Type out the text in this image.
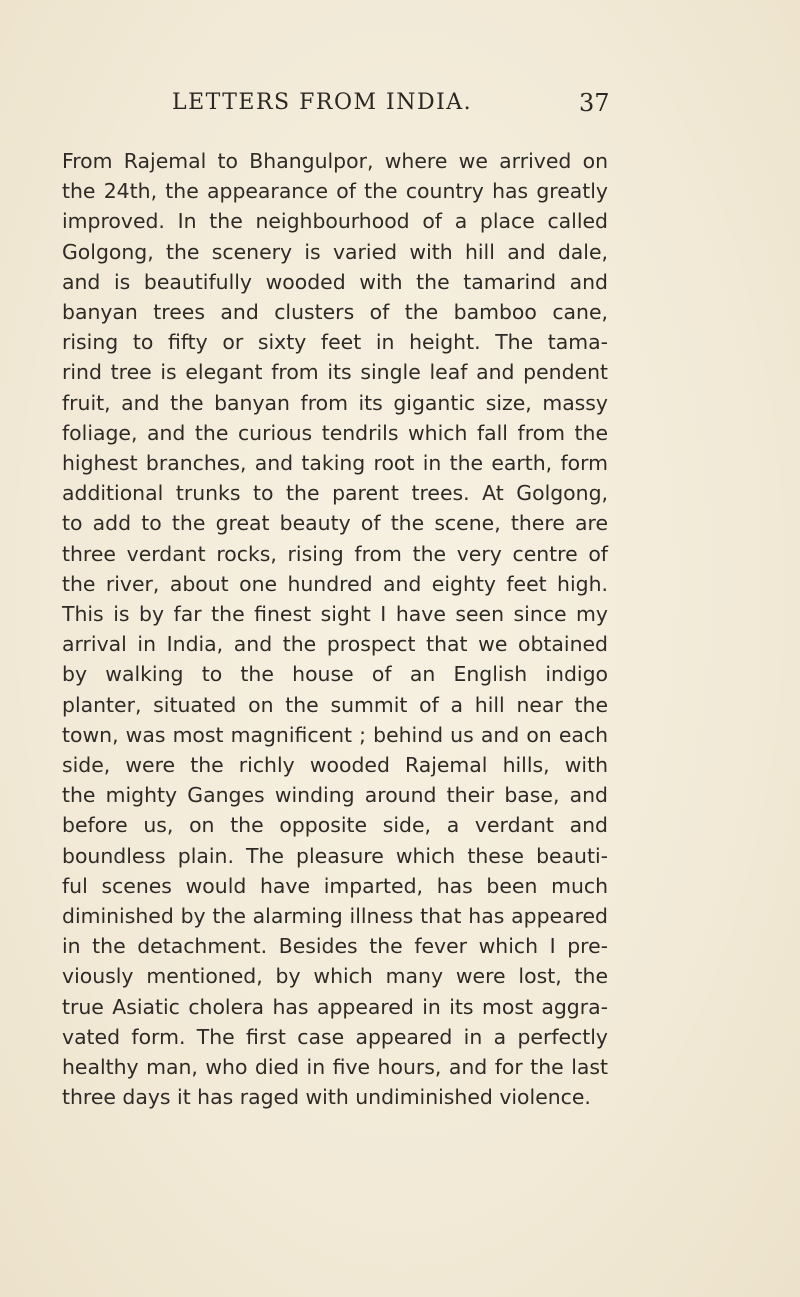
LETTERS FROM INDIA.	37
From Rajemal to Bhangulpor, where we arrived on
the 24th, the appearance of the country has greatly
improved. In the neighbourhood of a place called
Golgong, the scenery is varied with hill and dale,
and is beautifully wooded with the tamarind and
banyan trees and clusters of the bamboo cane,
rising to fifty or sixty feet in height. The tama-
rind tree is elegant from its single leaf and pendent
fruit, and the banyan from its gigantic size, massy
foliage, and the curious tendrils which fall from the
highest branches, and taking root in the earth, form
additional trunks to the parent trees. At Golgong,
to add to the great beauty of the scene, there are
three verdant rocks, rising from the very centre of
the river, about one hundred and eighty feet high.
This is by far the finest sight I have seen since my
arrival in India, and the prospect that we obtained
by walking to the house of an English indigo
planter, situated on the summit of a hill near the
town, was most magnificent ; behind us and on each
side, were the richly wooded Rajemal hills, with
the mighty Ganges winding around their base, and
before us, on the opposite side, a verdant and
boundless plain. The pleasure which these beauti-
ful scenes would have imparted, has been much
diminished by the alarming illness that has appeared
in the detachment. Besides the fever which I pre-
viously mentioned, by which many were lost, the
true Asiatic cholera has appeared in its most aggra-
vated form. The first case appeared in a perfectly
healthy man, who died in five hours, and for the last
three days it has raged with undiminished violence.
